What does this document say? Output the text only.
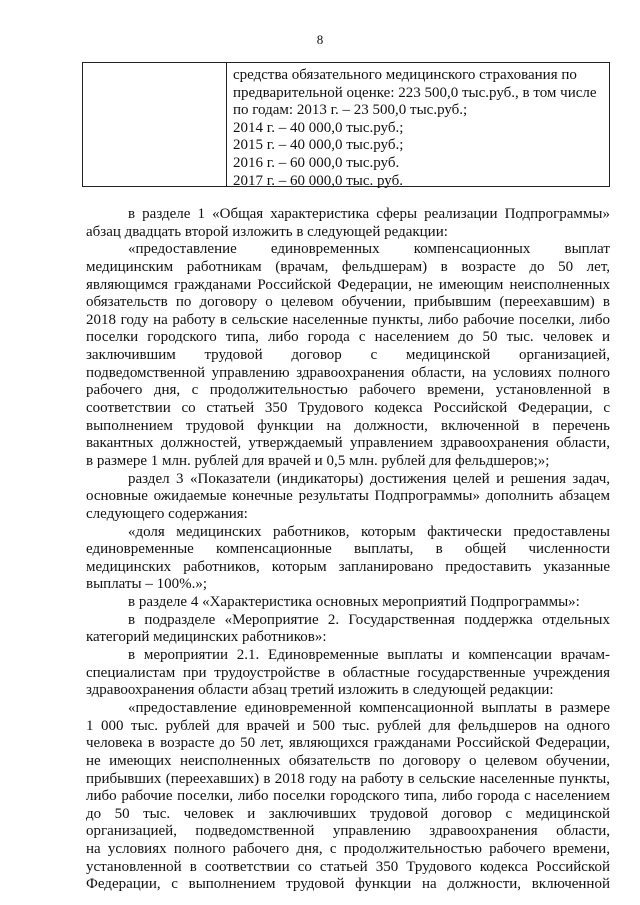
8
средства обязательного медицинского страхования по
предварительной оценке: 223 500,0 тыс.руб., в том числе
по годам: 2013 г. – 23 500,0 тыс.руб.;
2014 г. – 40 000,0 тыс.руб.;
2015 г. – 40 000,0 тыс.руб.;
2016 г. – 60 000,0 тыс.руб.
2017 г. – 60 000,0 тыс. руб.
в разделе 1 «Общая характеристика сферы реализации Подпрограммы»
абзац двадцать второй изложить в следующей редакции:
«предоставление единовременных компенсационных выплат
медицинским работникам (врачам, фельдшерам) в возрасте до 50 лет,
являющимся гражданами Российской Федерации, не имеющим неисполненных
обязательств по договору о целевом обучении, прибывшим (переехавшим) в
2018 году на работу в сельские населенные пункты, либо рабочие поселки, либо
поселки городского типа, либо города с населением до 50 тыс. человек и
заключившим трудовой договор с медицинской организацией,
подведомственной управлению здравоохранения области, на условиях полного
рабочего дня, с продолжительностью рабочего времени, установленной в
соответствии со статьей 350 Трудового кодекса Российской Федерации, с
выполнением трудовой функции на должности, включенной в перечень
вакантных должностей, утверждаемый управлением здравоохранения области,
в размере 1 млн. рублей для врачей и 0,5 млн. рублей для фельдшеров;»;
раздел 3 «Показатели (индикаторы) достижения целей и решения задач,
основные ожидаемые конечные результаты Подпрограммы» дополнить абзацем
следующего содержания:
«доля медицинских работников, которым фактически предоставлены
единовременные компенсационные выплаты, в общей численности
медицинских работников, которым запланировано предоставить указанные
выплаты – 100%.»;
в разделе 4 «Характеристика основных мероприятий Подпрограммы»:
в подразделе «Мероприятие 2. Государственная поддержка отдельных
категорий медицинских работников»:
в мероприятии 2.1. Единовременные выплаты и компенсации врачам-
специалистам при трудоустройстве в областные государственные учреждения
здравоохранения области абзац третий изложить в следующей редакции:
«предоставление единовременной компенсационной выплаты в размере
1 000 тыс. рублей для врачей и 500 тыс. рублей для фельдшеров на одного
человека в возрасте до 50 лет, являющихся гражданами Российской Федерации,
не имеющих неисполненных обязательств по договору о целевом обучении,
прибывших (переехавших) в 2018 году на работу в сельские населенные пункты,
либо рабочие поселки, либо поселки городского типа, либо города с населением
до 50 тыс. человек и заключивших трудовой договор с медицинской
организацией, подведомственной управлению здравоохранения области,
на условиях полного рабочего дня, с продолжительностью рабочего времени,
установленной в соответствии со статьей 350 Трудового кодекса Российской
Федерации, с выполнением трудовой функции на должности, включенной
